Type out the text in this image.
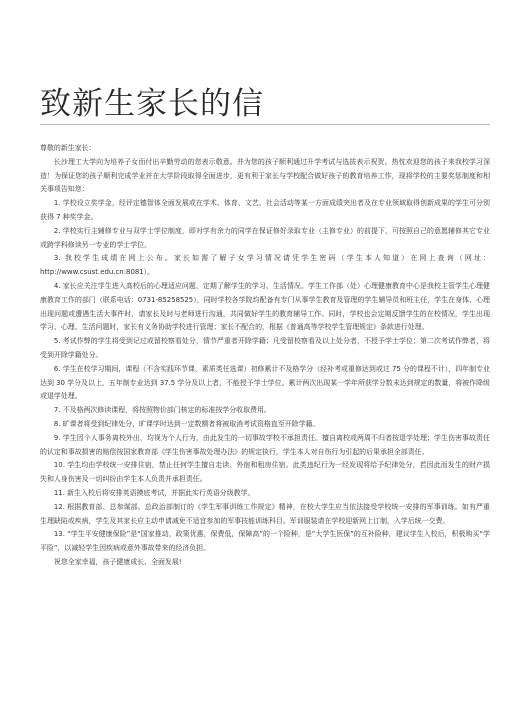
致新生家长的信

尊敬的新生家长：

长沙理工大学向为培养子女而付出辛勤劳动的您表示敬意。并为您的孩子顺利通过升学考试与选拔表示祝贺。热忱欢迎您的孩子来我校学习深造！为保证您的孩子顺利完成学业并在大学阶段取得全面进步，更有利于家长与学校配合做好孩子的教育培养工作，现将学校的主要奖惩制度和相关事项告知您：

1. 学校设立奖学金，经评定德智体全面发展或在学术、体育、文艺、社会活动等某一方面成绩突出者及在专业领域取得创新成果的学生可分别获得 7 种奖学金。

2. 学校实行主辅修专业与双学士学位制度，即对学有余力的同学在保证修好录取专业（主修专业）的前提下，可按照自己的意愿辅修其它专业或跨学科修读另一专业的学士学位。

3. 我校学生成绩在网上公布。家长如需了解子女学习情况请凭学生密码（学生本人知道）在网上查询（网址：http://www.csust.edu.cn:8081）。

4. 家长应关注学生进入高校后的心理适应问题，定期了解学生的学习、生活情况。学生工作部（处）心理健康教育中心是我校主管学生心理健康教育工作的部门（联系电话：0731-85258525），同时学校各学院均配备有专门从事学生教育及管理的学生辅导员和班主任，学生在身体、心理出现问题或遭遇生活大事件时，请家长及时与老师进行沟通，共同做好学生的教育辅导工作。同时，学校也会定期反馈学生的在校情况，学生出现学习、心理、生活问题时，家长有义务协助学校进行管理；家长不配合的，根据《普通高等学校学生管理规定》条款进行处理。

5. 考试作弊的学生将受到记过或留校察看处分，情节严重者开除学籍；凡受留校察看及以上处分者，不授予学士学位；第二次考试作弊者，将受到开除学籍处分。

6. 学生在校学习期间，课程（不含实践环节课，素质类任选课）初修累计不及格学分（经补考或重修达到或过 75 分的课程不计），四年制专业达到 30 学分及以上，五年制专业达到 37.5 学分及以上者，不能授予学士学位。累计两次出现某一学年所获学分数未达到规定的数量，将被作降级或退学处理。

7. 不及格两次修读课程，将按照物价部门核定的标准按学分收取费用。

8. 旷课者将受到纪律处分，旷课学时达到一定数额者将被取消考试资格直至开除学籍。

9. 学生因个人事务离校外出，均视为个人行为，由此发生的一切事故学校不承担责任。擅自离校或两周不归者按退学处理；学生伤害事故责任的认定和事故损害的赔偿按国家教育部《学生伤害事故处理办法》的规定执行，学生本人对自伤行为引起的后果承担全部责任。

10. 学生均由学校统一安排住宿，禁止任何学生擅自走读、外宿和租房住宿。此类违纪行为一经发现将给予纪律处分，若因此而发生的财产损失和人身伤害及一切纠纷由学生本人负责并承担责任。

11. 新生入校后将安排英语摸底考试，并据此实行英语分级教学。

12. 根据教育部、总参谋部、总政治部制订的《学生军事训练工作规定》精神，在校大学生应当依法接受学校统一安排的军事训练。如有严重生理缺陷或疾病，学生及其家长应主动申请减免不适宜参加的军事技能训练科目。军训服装请在学校迎新网上订制，入学后统一交费。

13. “学生平安健康保险”是“国家推动，政策优惠，保费低，保障高”的一个险种，是“大学生医保”的互补险种，建议学生入校后，积极购买“学平险”，以减轻学生因疾病或意外事故带来的经济负担。

祝您全家幸福，孩子健康成长、全面发展!
